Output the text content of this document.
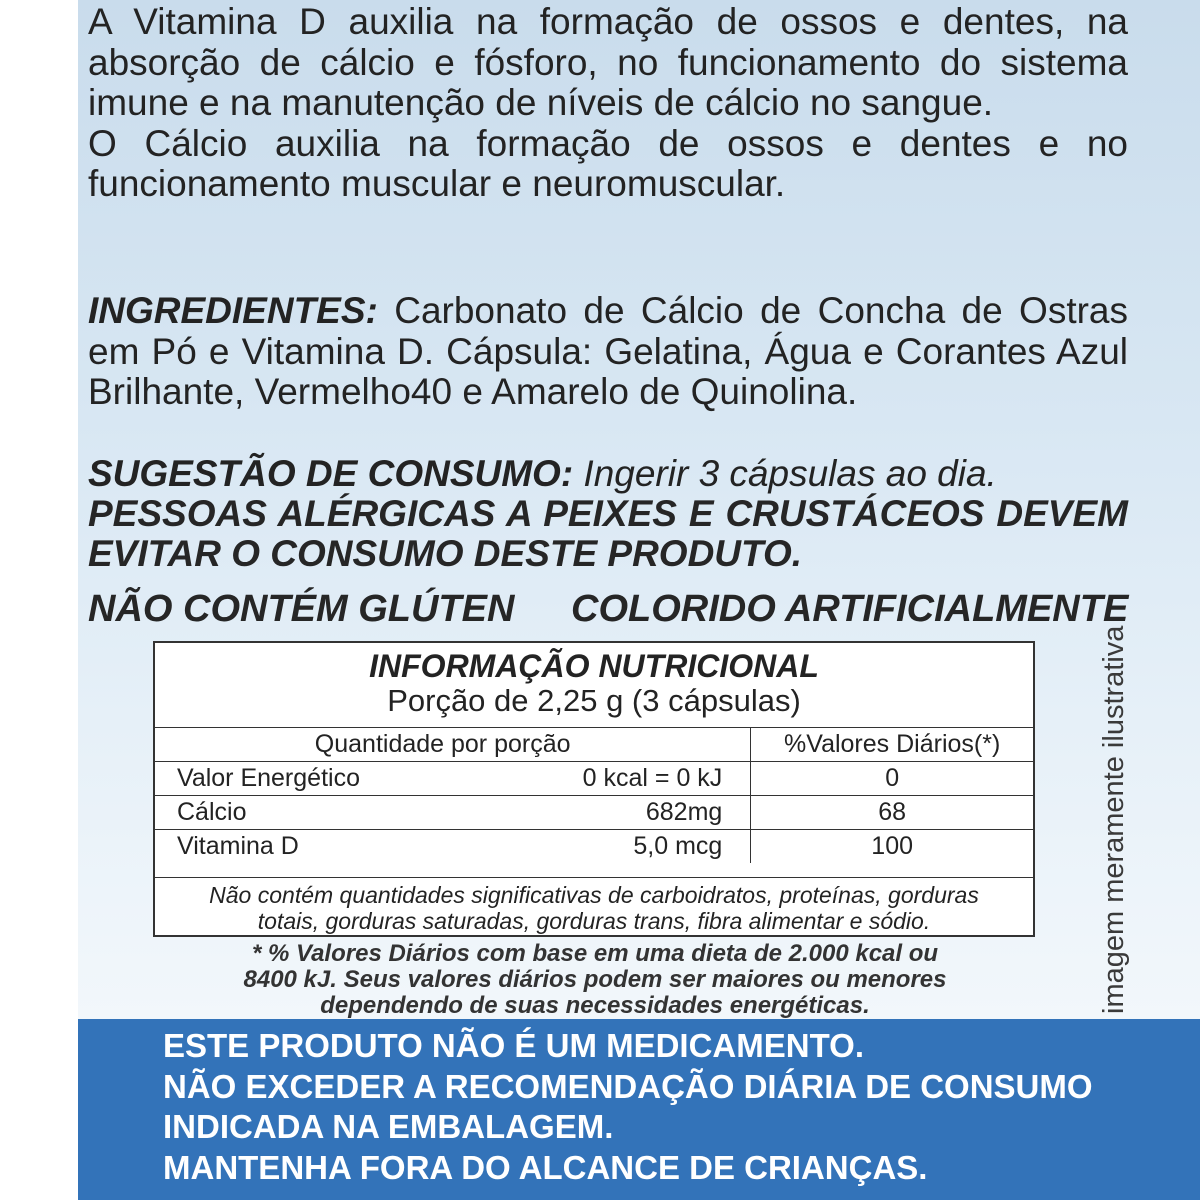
A Vitamina D auxilia na formação de ossos e dentes, na absorção de cálcio e fósforo, no funcionamento do sistema imune e na manutenção de níveis de cálcio no sangue.
O Cálcio auxilia na formação de ossos e dentes e no funcionamento muscular e neuromuscular.
INGREDIENTES: Carbonato de Cálcio de Concha de Ostras em Pó e Vitamina D. Cápsula: Gelatina, Água e Corantes Azul Brilhante, Vermelho40 e Amarelo de Quinolina.
SUGESTÃO DE CONSUMO: Ingerir 3 cápsulas ao dia.
PESSOAS ALÉRGICAS A PEIXES E CRUSTÁCEOS DEVEM EVITAR O CONSUMO DESTE PRODUTO.
NÃO CONTÉM GLÚTEN COLORIDO ARTIFICIALMENTE
imagem meramente ilustrativa
INFORMAÇÃO NUTRICIONAL
Porção de 2,25 g (3 cápsulas)
Quantidade por porção	%Valores Diários(*)

Valor Energético 0 kcal = 0 kJ	0

Cálcio 682mg	68

Vitamina D 5,0 mcg	100
Não contém quantidades significativas de carboidratos, proteínas, gorduras
totais, gorduras saturadas, gorduras trans, fibra alimentar e sódio.
* % Valores Diários com base em uma dieta de 2.000 kcal ou
8400 kJ. Seus valores diários podem ser maiores ou menores
dependendo de suas necessidades energéticas.
ESTE PRODUTO NÃO É UM MEDICAMENTO.
NÃO EXCEDER A RECOMENDAÇÃO DIÁRIA DE CONSUMO
INDICADA NA EMBALAGEM.
MANTENHA FORA DO ALCANCE DE CRIANÇAS.
